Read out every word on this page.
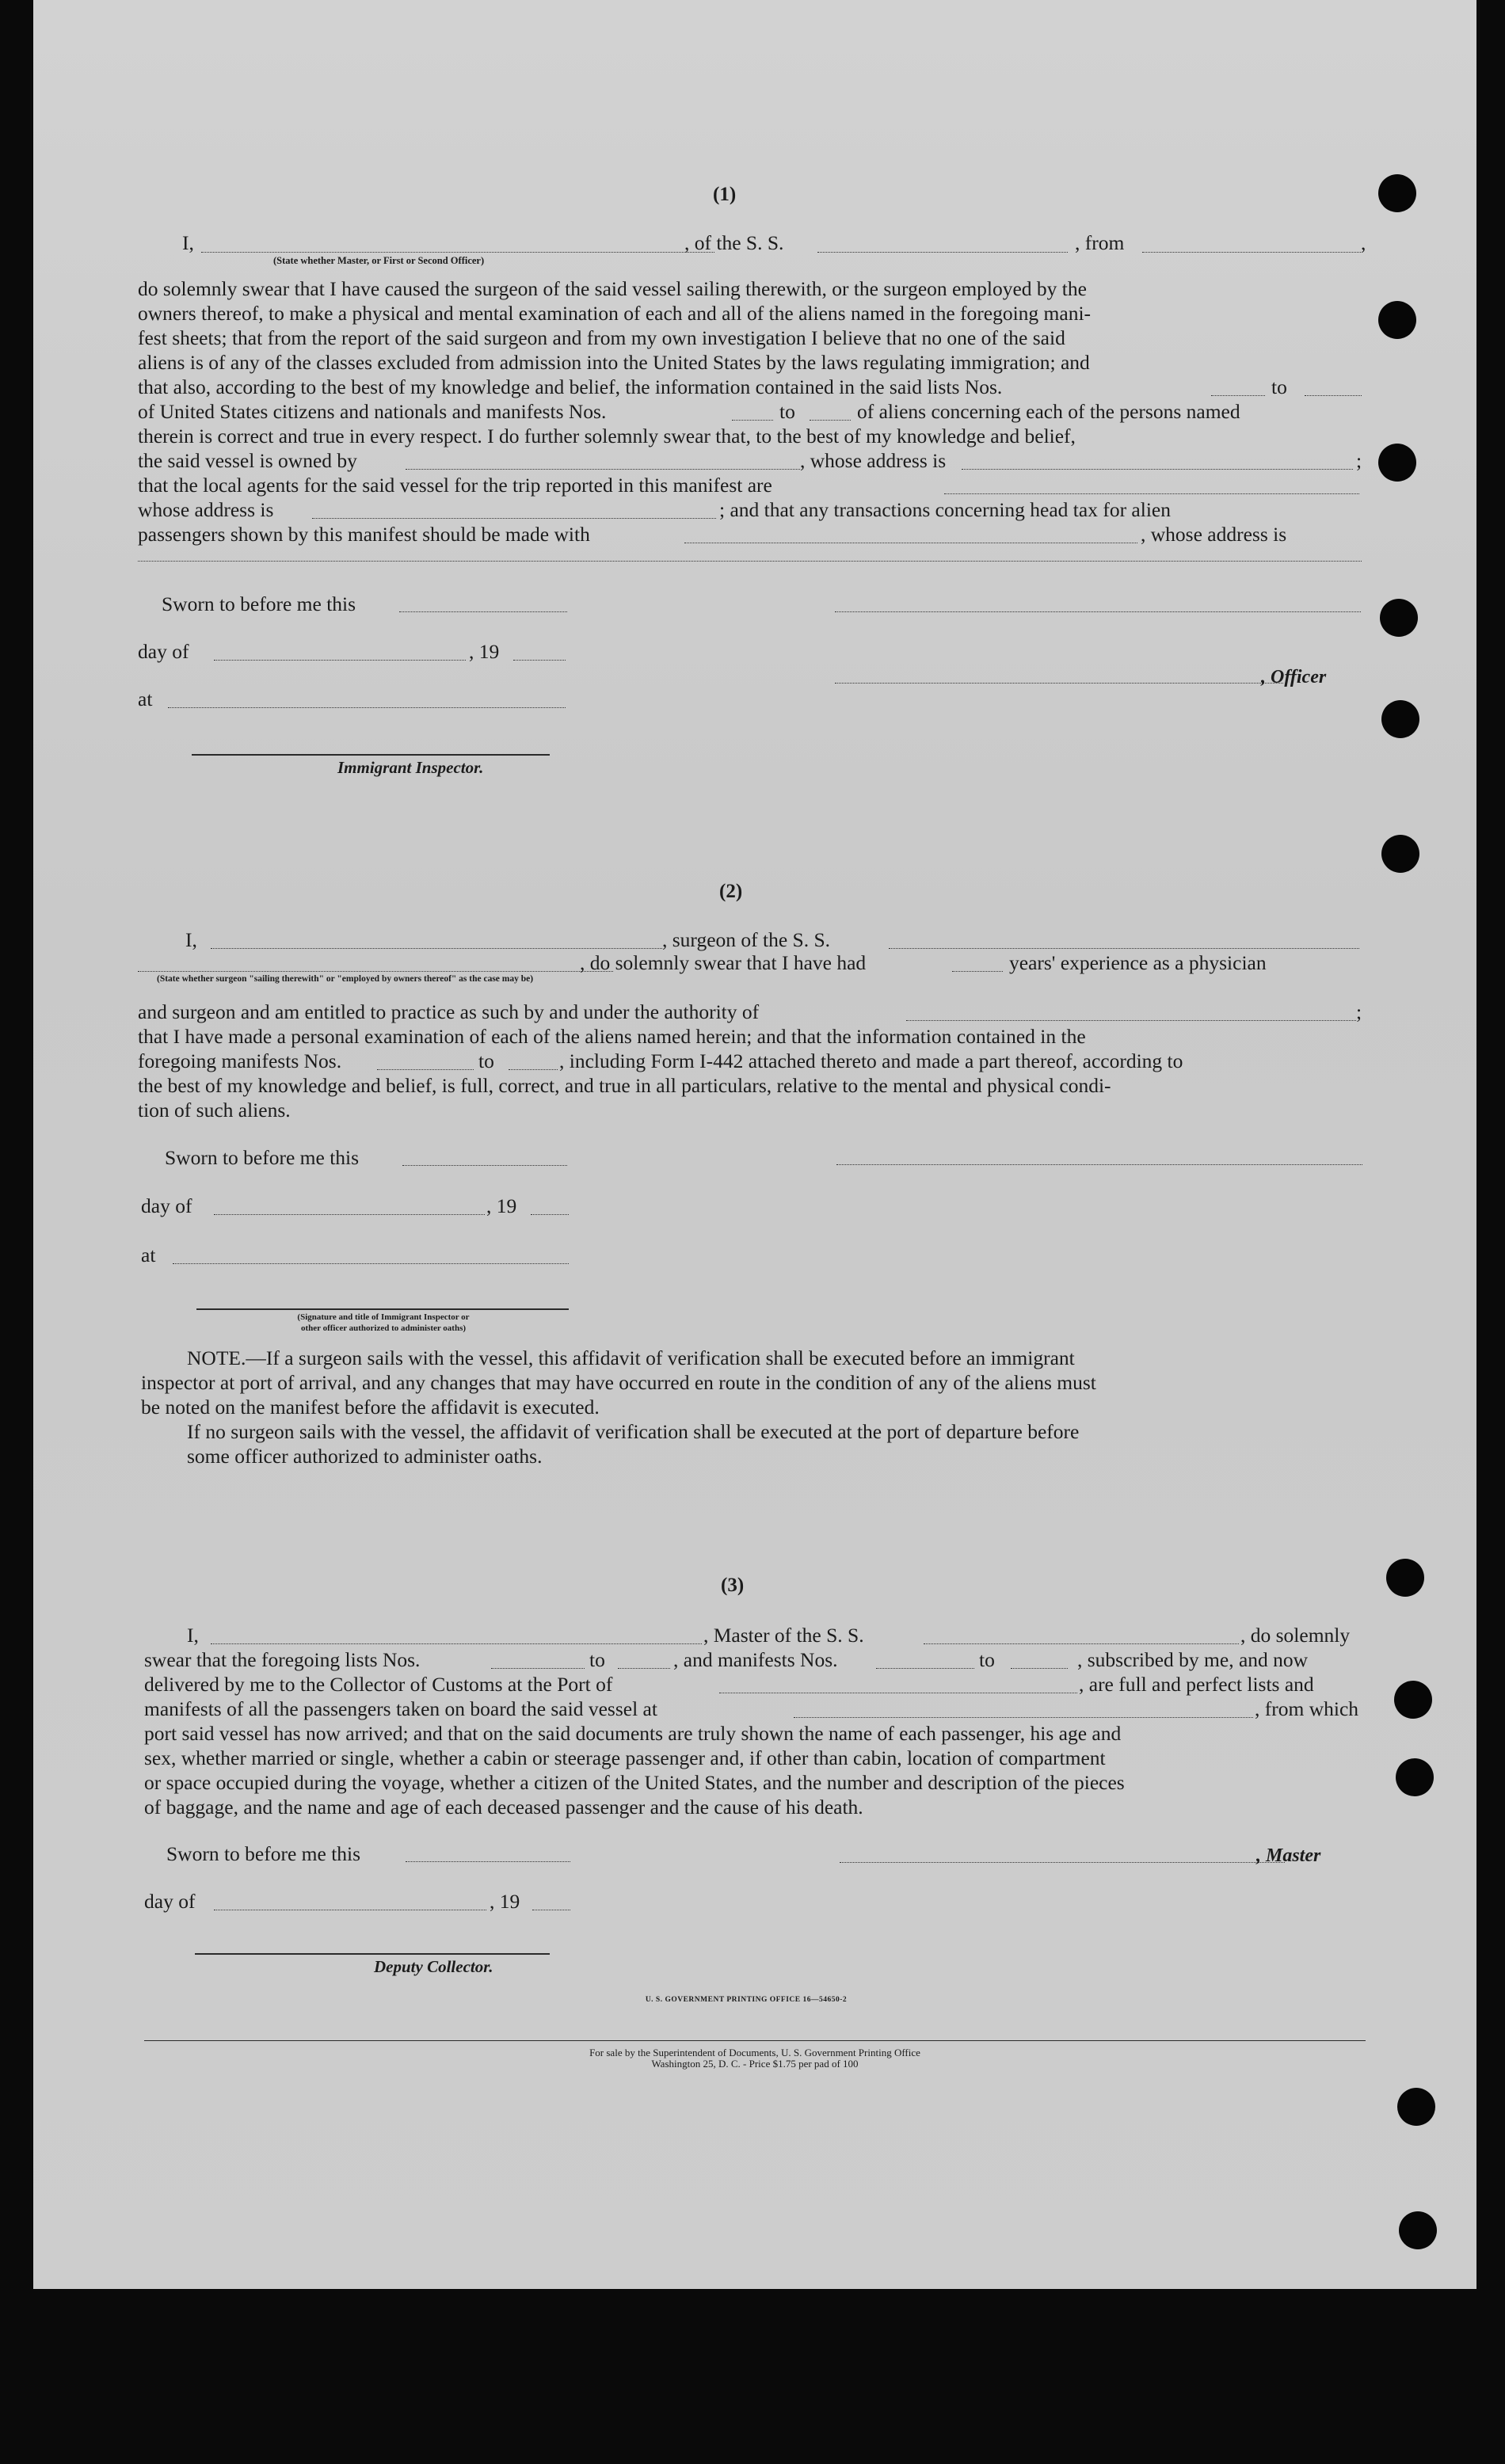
(1)
I,
(State whether Master, or First or Second Officer)
, of the S. S.	, from	,
do solemnly swear that I have caused the surgeon of the said vessel sailing therewith, or the surgeon employed by the
owners thereof, to make a physical and mental examination of each and all of the aliens named in the foregoing mani-
fest sheets; that from the report of the said surgeon and from my own investigation I believe that no one of the said
aliens is of any of the classes excluded from admission into the United States by the laws regulating immigration; and
that also, according to the best of my knowledge and belief, the information contained in the said lists Nos.	to
of United States citizens and nationals and manifests Nos.	to	of aliens concerning each of the persons named
therein is correct and true in every respect. I do further solemnly swear that, to the best of my knowledge and belief,
the said vessel is owned by	, whose address is	;
that the local agents for the said vessel for the trip reported in this manifest are
whose address is	; and that any transactions concerning head tax for alien
passengers shown by this manifest should be made with	, whose address is
Sworn to before me this
day of	, 19
, Officer
at
Immigrant Inspector.
(2)
I,	, surgeon of the S. S.
, do solemnly swear that I have had	years' experience as a physician
(State whether surgeon "sailing therewith" or "employed by owners thereof" as the case may be)
and surgeon and am entitled to practice as such by and under the authority of	;
that I have made a personal examination of each of the aliens named herein; and that the information contained in the
foregoing manifests Nos.	to	, including Form I-442 attached thereto and made a part thereof, according to
the best of my knowledge and belief, is full, correct, and true in all particulars, relative to the mental and physical condi-
tion of such aliens.
Sworn to before me this
day of	, 19
at
(Signature and title of Immigrant Inspector or
other officer authorized to administer oaths)
NOTE.—If a surgeon sails with the vessel, this affidavit of verification shall be executed before an immigrant
inspector at port of arrival, and any changes that may have occurred en route in the condition of any of the aliens must
be noted on the manifest before the affidavit is executed.
If no surgeon sails with the vessel, the affidavit of verification shall be executed at the port of departure before
some officer authorized to administer oaths.
(3)
I,	, Master of the S. S.	, do solemnly
swear that the foregoing lists Nos.	to	, and manifests Nos.	to	, subscribed by me, and now
delivered by me to the Collector of Customs at the Port of	, are full and perfect lists and
manifests of all the passengers taken on board the said vessel at	, from which
port said vessel has now arrived; and that on the said documents are truly shown the name of each passenger, his age and
sex, whether married or single, whether a cabin or steerage passenger and, if other than cabin, location of compartment
or space occupied during the voyage, whether a citizen of the United States, and the number and description of the pieces
of baggage, and the name and age of each deceased passenger and the cause of his death.
Sworn to before me this	, Master
day of	, 19
Deputy Collector.
U. S. GOVERNMENT PRINTING OFFICE 16—54650-2
For sale by the Superintendent of Documents, U. S. Government Printing Office
Washington 25, D. C. - Price $1.75 per pad of 100
